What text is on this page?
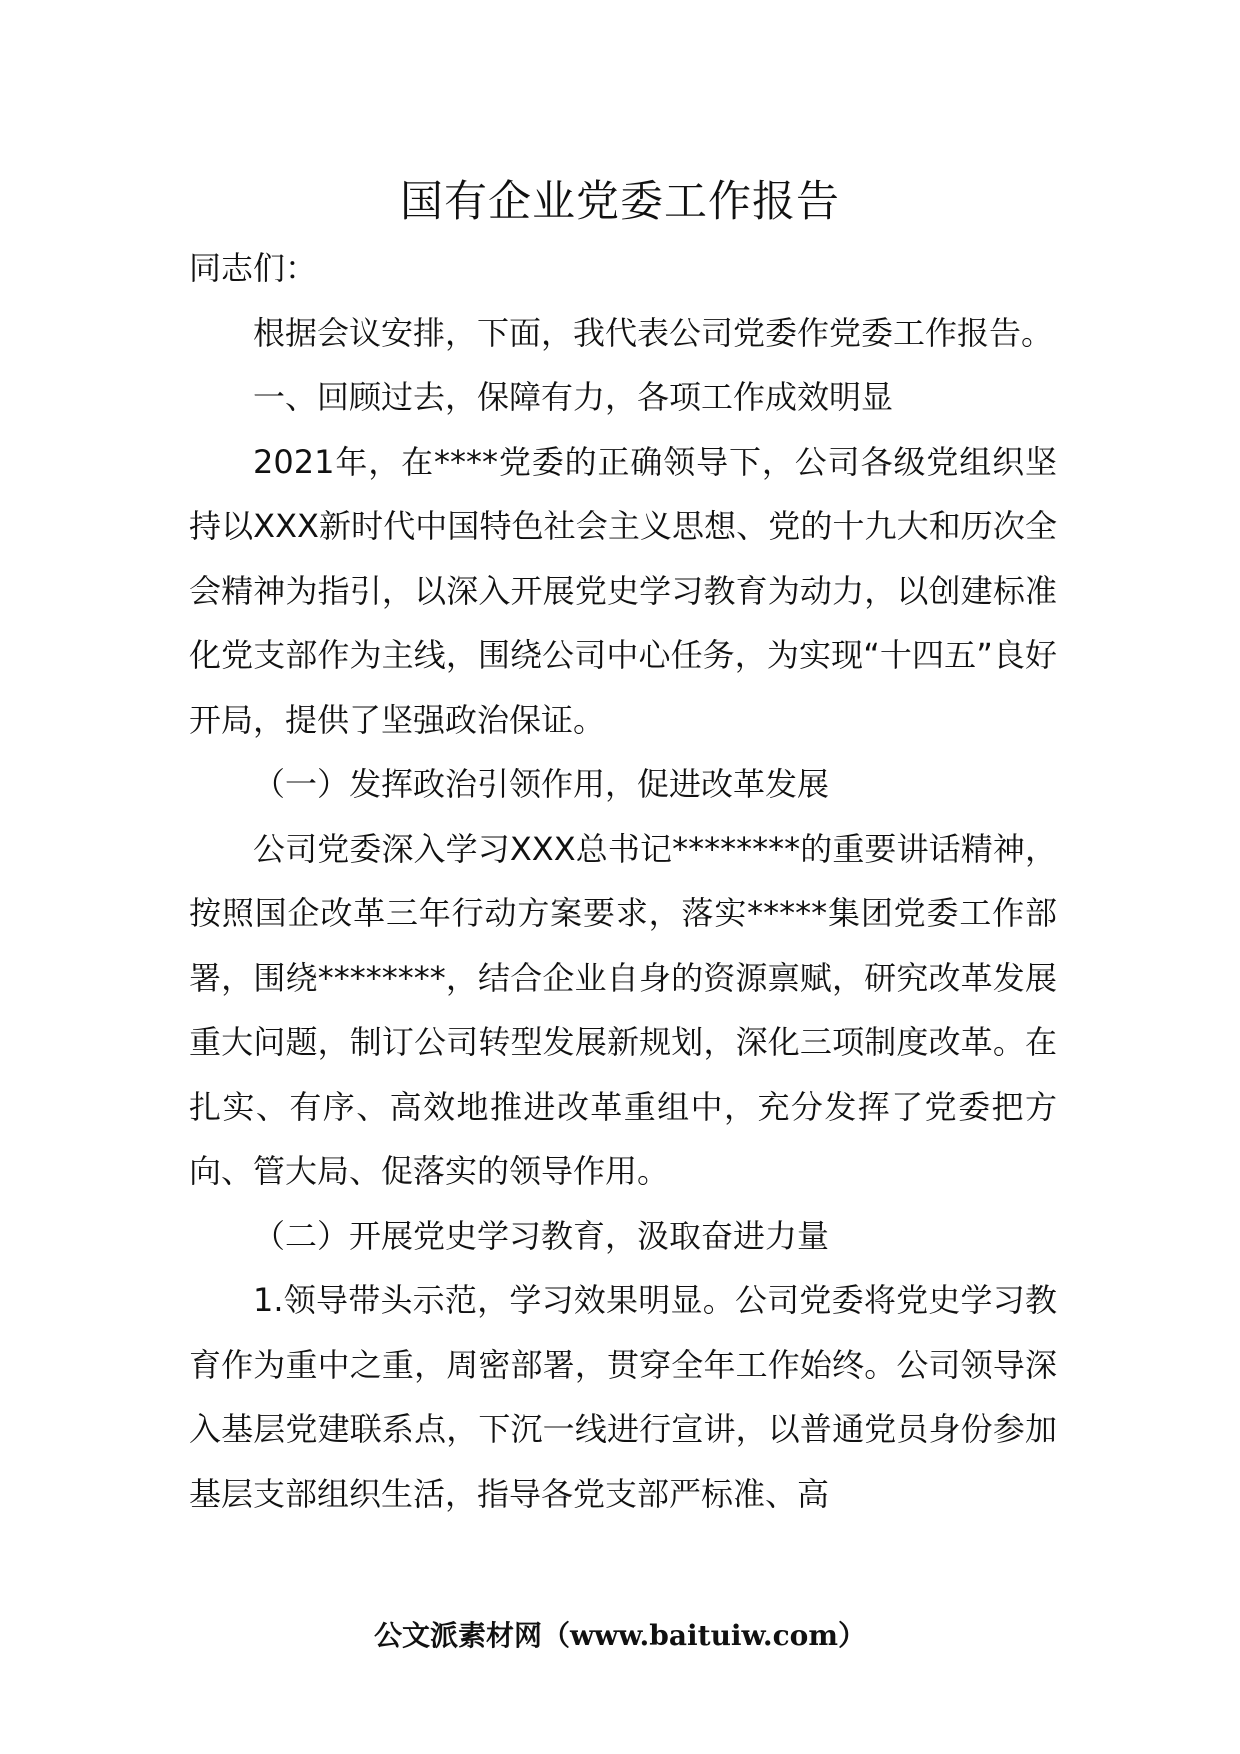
国有企业党委工作报告

同志们：

根据会议安排，下面，我代表公司党委作党委工作报告。

一、回顾过去，保障有力，各项工作成效明显

2021年，在****党委的正确领导下，公司各级党组织坚持以XXX新时代中国特色社会主义思想、党的十九大和历次全会精神为指引，以深入开展党史学习教育为动力，以创建标准化党支部作为主线，围绕公司中心任务，为实现“十四五”良好开局，提供了坚强政治保证。

（一）发挥政治引领作用，促进改革发展

公司党委深入学习XXX总书记********的重要讲话精神，按照国企改革三年行动方案要求，落实*****集团党委工作部署，围绕********，结合企业自身的资源禀赋，研究改革发展重大问题，制订公司转型发展新规划，深化三项制度改革。在扎实、有序、高效地推进改革重组中，充分发挥了党委把方向、管大局、促落实的领导作用。

（二）开展党史学习教育，汲取奋进力量

1.领导带头示范，学习效果明显。公司党委将党史学习教育作为重中之重，周密部署，贯穿全年工作始终。公司领导深入基层党建联系点，下沉一线进行宣讲，以普通党员身份参加基层支部组织生活，指导各党支部严标准、高

公文派素材网（www.baituiw.com）
